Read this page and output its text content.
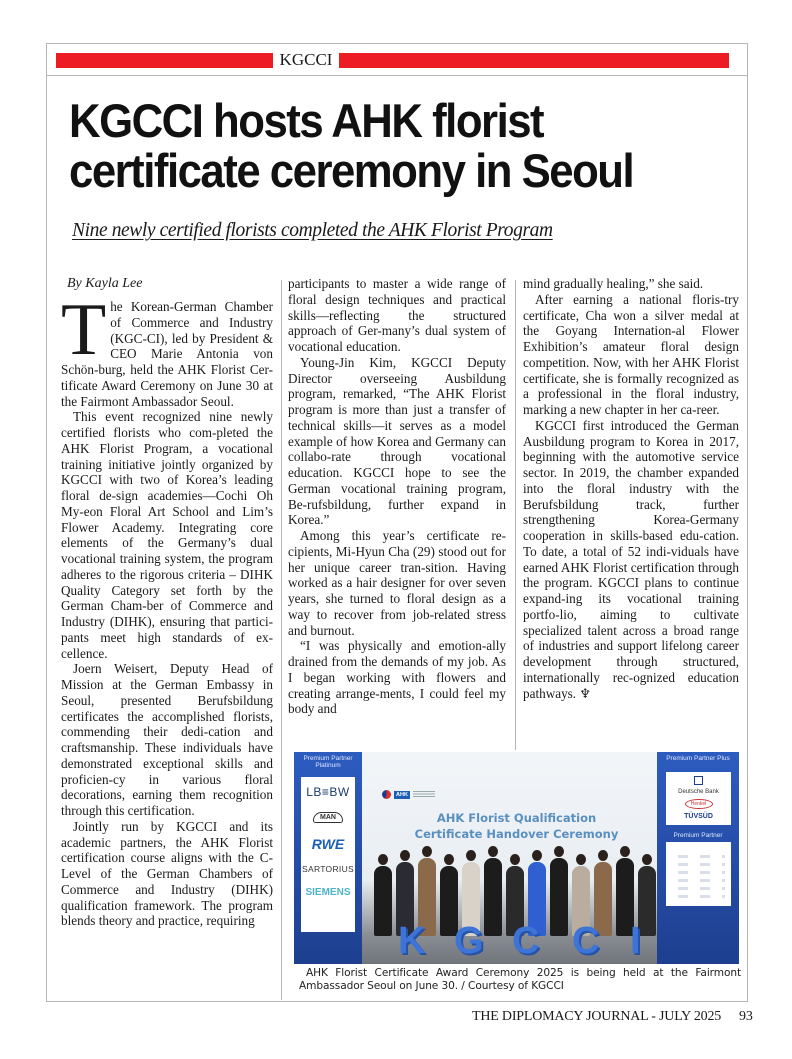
KGCCI
KGCCI hosts AHK florist
certificate ceremony in Seoul
Nine newly certified florists completed the AHK Florist Program
By Kayla Lee

The Korean-German Chamber of Commerce and Industry (KGC-CI), led by President & CEO Marie Antonia von Schön-burg, held the AHK Florist Cer-tificate Award Ceremony on June 30 at the Fairmont Ambassador Seoul.

This event recognized nine newly certified florists who com-pleted the AHK Florist Program, a vocational training initiative jointly organized by KGCCI with two of Korea’s leading floral de-sign academies—Cochi Oh My-eon Floral Art School and Lim’s Flower Academy. Integrating core elements of the Germany’s dual vocational training system, the program adheres to the rigorous criteria – DIHK Quality Category set forth by the German Cham-ber of Commerce and Industry (DIHK), ensuring that partici-pants meet high standards of ex-cellence.

Joern Weisert, Deputy Head of Mission at the German Embassy in Seoul, presented Berufsbildung certificates the accomplished florists, commending their dedi-cation and craftsmanship. These individuals have demonstrated exceptional skills and proficien-cy in various floral decorations, earning them recognition through this certification.

Jointly run by KGCCI and its academic partners, the AHK Florist certification course aligns with the C-Level of the German Chambers of Commerce and Industry (DIHK) qualification framework. The program blends theory and practice, requiring

participants to master a wide range of floral design techniques and practical skills—reflecting the structured approach of Ger-many’s dual system of vocational education.

Young-Jin Kim, KGCCI Deputy Director overseeing Ausbildung program, remarked, “The AHK Florist program is more than just a transfer of technical skills—it serves as a model example of how Korea and Germany can collabo-rate through vocational education. KGCCI hope to see the German vocational training program, Be-rufsbildung, further expand in Korea.”

Among this year’s certificate re-cipients, Mi-Hyun Cha (29) stood out for her unique career tran-sition. Having worked as a hair designer for over seven years, she turned to floral design as a way to recover from job-related stress and burnout.

“I was physically and emotion-ally drained from the demands of my job. As I began working with flowers and creating arrange-ments, I could feel my body and

mind gradually healing,” she said.

After earning a national floris-try certificate, Cha won a silver medal at the Goyang Internation-al Flower Exhibition’s amateur floral design competition. Now, with her AHK Florist certificate, she is formally recognized as a professional in the floral industry, marking a new chapter in her ca-reer.

KGCCI first introduced the German Ausbildung program to Korea in 2017, beginning with the automotive service sector. In 2019, the chamber expanded into the floral industry with the Berufsbildung track, further strengthening Korea-Germany cooperation in skills-based edu-cation. To date, a total of 52 indi-viduals have earned AHK Florist certification through the program. KGCCI plans to continue expand-ing its vocational training portfo-lio, aiming to cultivate specialized talent across a broad range of industries and support lifelong career development through structured, internationally rec-ognized education pathways. ♆

Premium Partner Platinum
LB≡BW
MAN
RWE
SARTORIUS
SIEMENS
AHK
AHK Florist Qualification
Certificate Handover Ceremony
K G C C I
Premium Partner Plus
Deutsche Bank
Henkel
TÜVSÜD
Premium Partner
AHK Florist Certificate Award Ceremony 2025 is being held at the Fairmont Ambassador Seoul on June 30. / Courtesy of KGCCI
THE DIPLOMACY JOURNAL - JULY 2025 93
